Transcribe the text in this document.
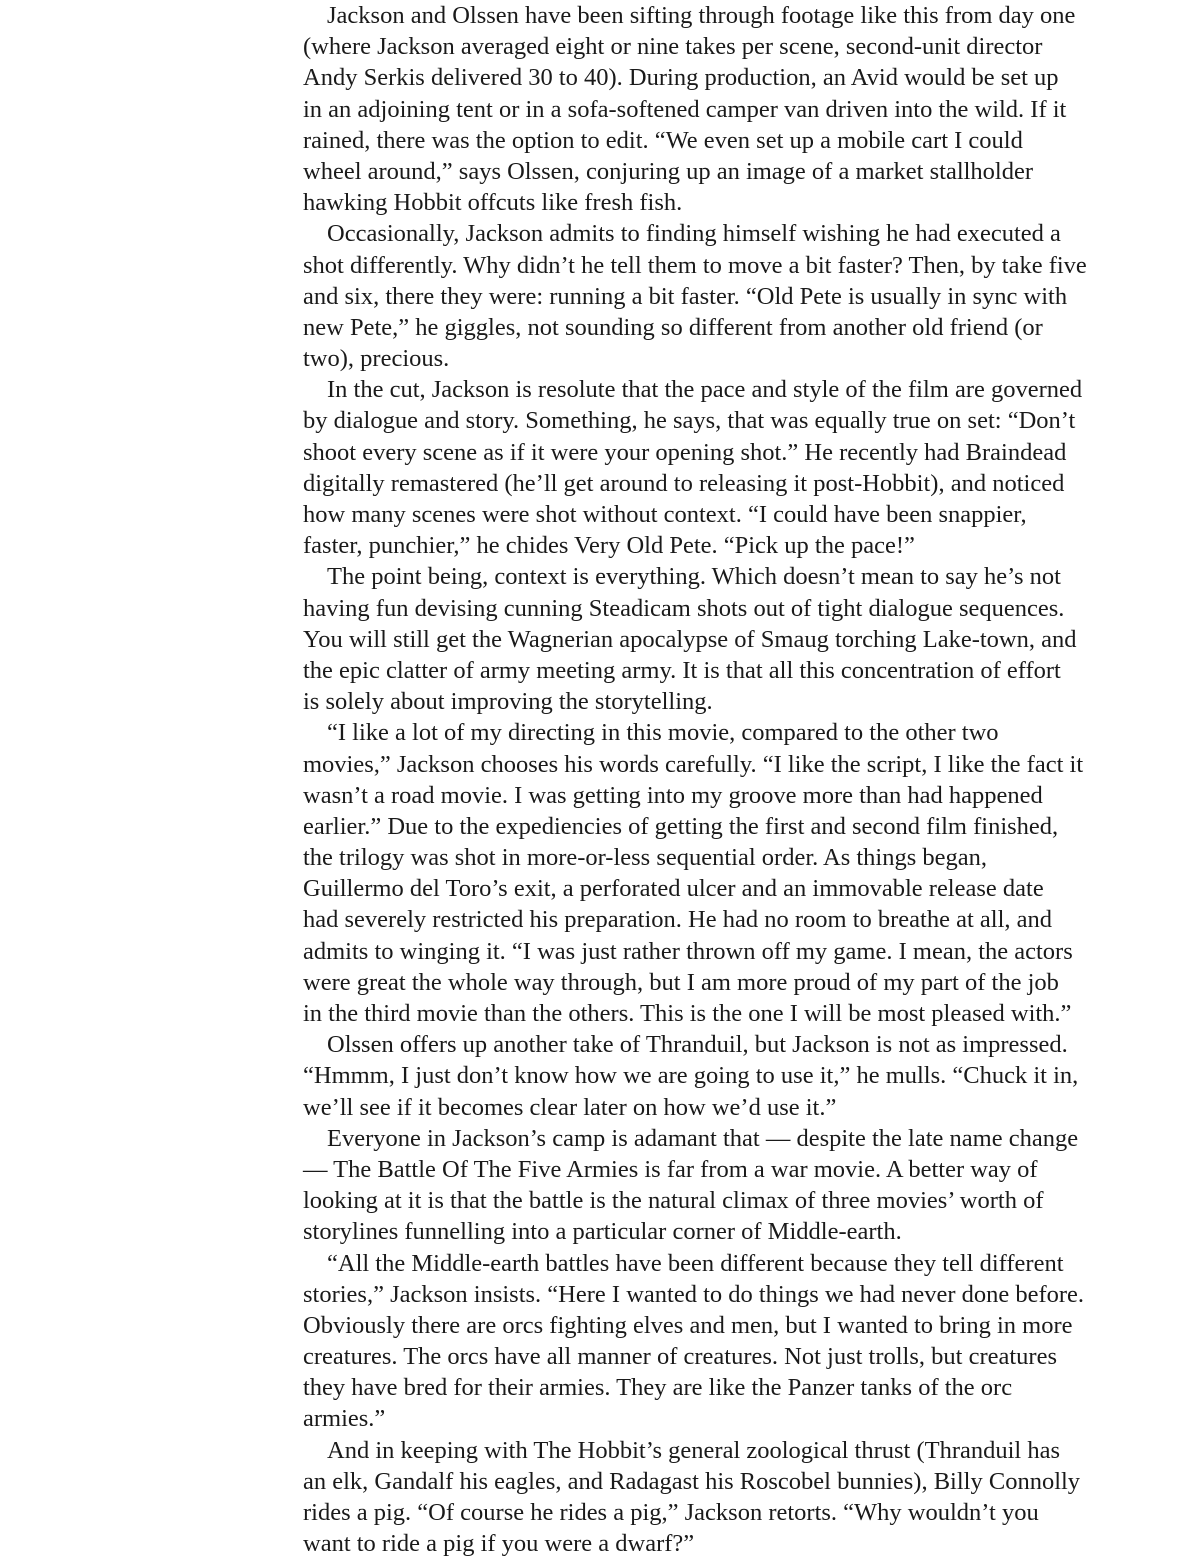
Jackson and Olssen have been sifting through footage like this from day one
(where Jackson averaged eight or nine takes per scene, second-unit director
Andy Serkis delivered 30 to 40). During production, an Avid would be set up
in an adjoining tent or in a sofa-softened camper van driven into the wild. If it
rained, there was the option to edit. “We even set up a mobile cart I could
wheel around,” says Olssen, conjuring up an image of a market stallholder
hawking Hobbit offcuts like fresh fish.
Occasionally, Jackson admits to finding himself wishing he had executed a
shot differently. Why didn’t he tell them to move a bit faster? Then, by take five
and six, there they were: running a bit faster. “Old Pete is usually in sync with
new Pete,” he giggles, not sounding so different from another old friend (or
two), precious.
In the cut, Jackson is resolute that the pace and style of the film are governed
by dialogue and story. Something, he says, that was equally true on set: “Don’t
shoot every scene as if it were your opening shot.” He recently had Braindead
digitally remastered (he’ll get around to releasing it post-Hobbit), and noticed
how many scenes were shot without context. “I could have been snappier,
faster, punchier,” he chides Very Old Pete. “Pick up the pace!”
The point being, context is everything. Which doesn’t mean to say he’s not
having fun devising cunning Steadicam shots out of tight dialogue sequences.
You will still get the Wagnerian apocalypse of Smaug torching Lake-town, and
the epic clatter of army meeting army. It is that all this concentration of effort
is solely about improving the storytelling.
“I like a lot of my directing in this movie, compared to the other two
movies,” Jackson chooses his words carefully. “I like the script, I like the fact it
wasn’t a road movie. I was getting into my groove more than had happened
earlier.” Due to the expediencies of getting the first and second film finished,
the trilogy was shot in more-or-less sequential order. As things began,
Guillermo del Toro’s exit, a perforated ulcer and an immovable release date
had severely restricted his preparation. He had no room to breathe at all, and
admits to winging it. “I was just rather thrown off my game. I mean, the actors
were great the whole way through, but I am more proud of my part of the job
in the third movie than the others. This is the one I will be most pleased with.”
Olssen offers up another take of Thranduil, but Jackson is not as impressed.
“Hmmm, I just don’t know how we are going to use it,” he mulls. “Chuck it in,
we’ll see if it becomes clear later on how we’d use it.”
Everyone in Jackson’s camp is adamant that — despite the late name change
— The Battle Of The Five Armies is far from a war movie. A better way of
looking at it is that the battle is the natural climax of three movies’ worth of
storylines funnelling into a particular corner of Middle-earth.
“All the Middle-earth battles have been different because they tell different
stories,” Jackson insists. “Here I wanted to do things we had never done before.
Obviously there are orcs fighting elves and men, but I wanted to bring in more
creatures. The orcs have all manner of creatures. Not just trolls, but creatures
they have bred for their armies. They are like the Panzer tanks of the orc
armies.”
And in keeping with The Hobbit’s general zoological thrust (Thranduil has
an elk, Gandalf his eagles, and Radagast his Roscobel bunnies), Billy Connolly
rides a pig. “Of course he rides a pig,” Jackson retorts. “Why wouldn’t you
want to ride a pig if you were a dwarf?”
